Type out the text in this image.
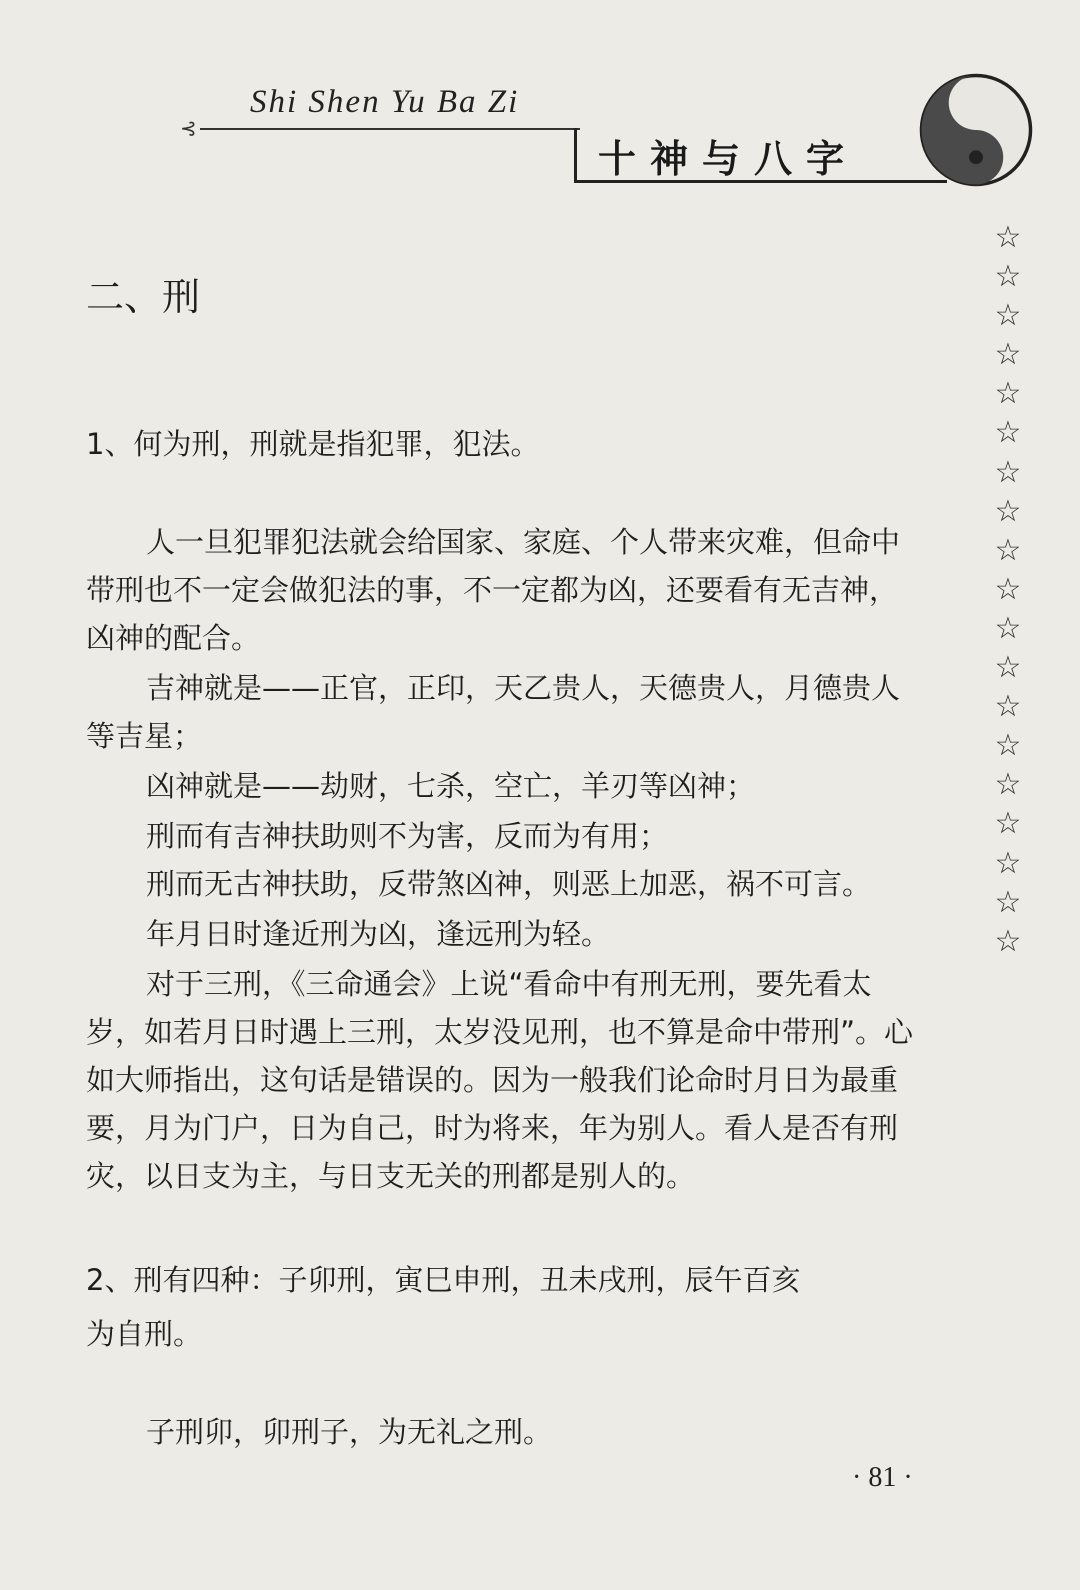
Shi Shen Yu Ba Zi
⊰
十神与八字
☆
☆
☆
☆
☆
☆
☆
☆
☆
☆
☆
☆
☆
☆
☆
☆
☆
☆
☆
二、刑
1、何为刑，刑就是指犯罪，犯法。
人一旦犯罪犯法就会给国家、家庭、个人带来灾难，但命中
带刑也不一定会做犯法的事，不一定都为凶，还要看有无吉神，
凶神的配合。
吉神就是——正官，正印，天乙贵人，天德贵人，月德贵人
等吉星；
凶神就是——劫财，七杀，空亡，羊刃等凶神；
刑而有吉神扶助则不为害，反而为有用；
刑而无古神扶助，反带煞凶神，则恶上加恶，祸不可言。
年月日时逢近刑为凶，逢远刑为轻。
对于三刑，《三命通会》上说“看命中有刑无刑，要先看太
岁，如若月日时遇上三刑，太岁没见刑，也不算是命中带刑”。心
如大师指出，这句话是错误的。因为一般我们论命时月日为最重
要，月为门户，日为自己，时为将来，年为别人。看人是否有刑
灾，以日支为主，与日支无关的刑都是别人的。
2、刑有四种：子卯刑，寅巳申刑，丑未戌刑，辰午百亥
为自刑。
子刑卯，卯刑子，为无礼之刑。
· 81 ·
